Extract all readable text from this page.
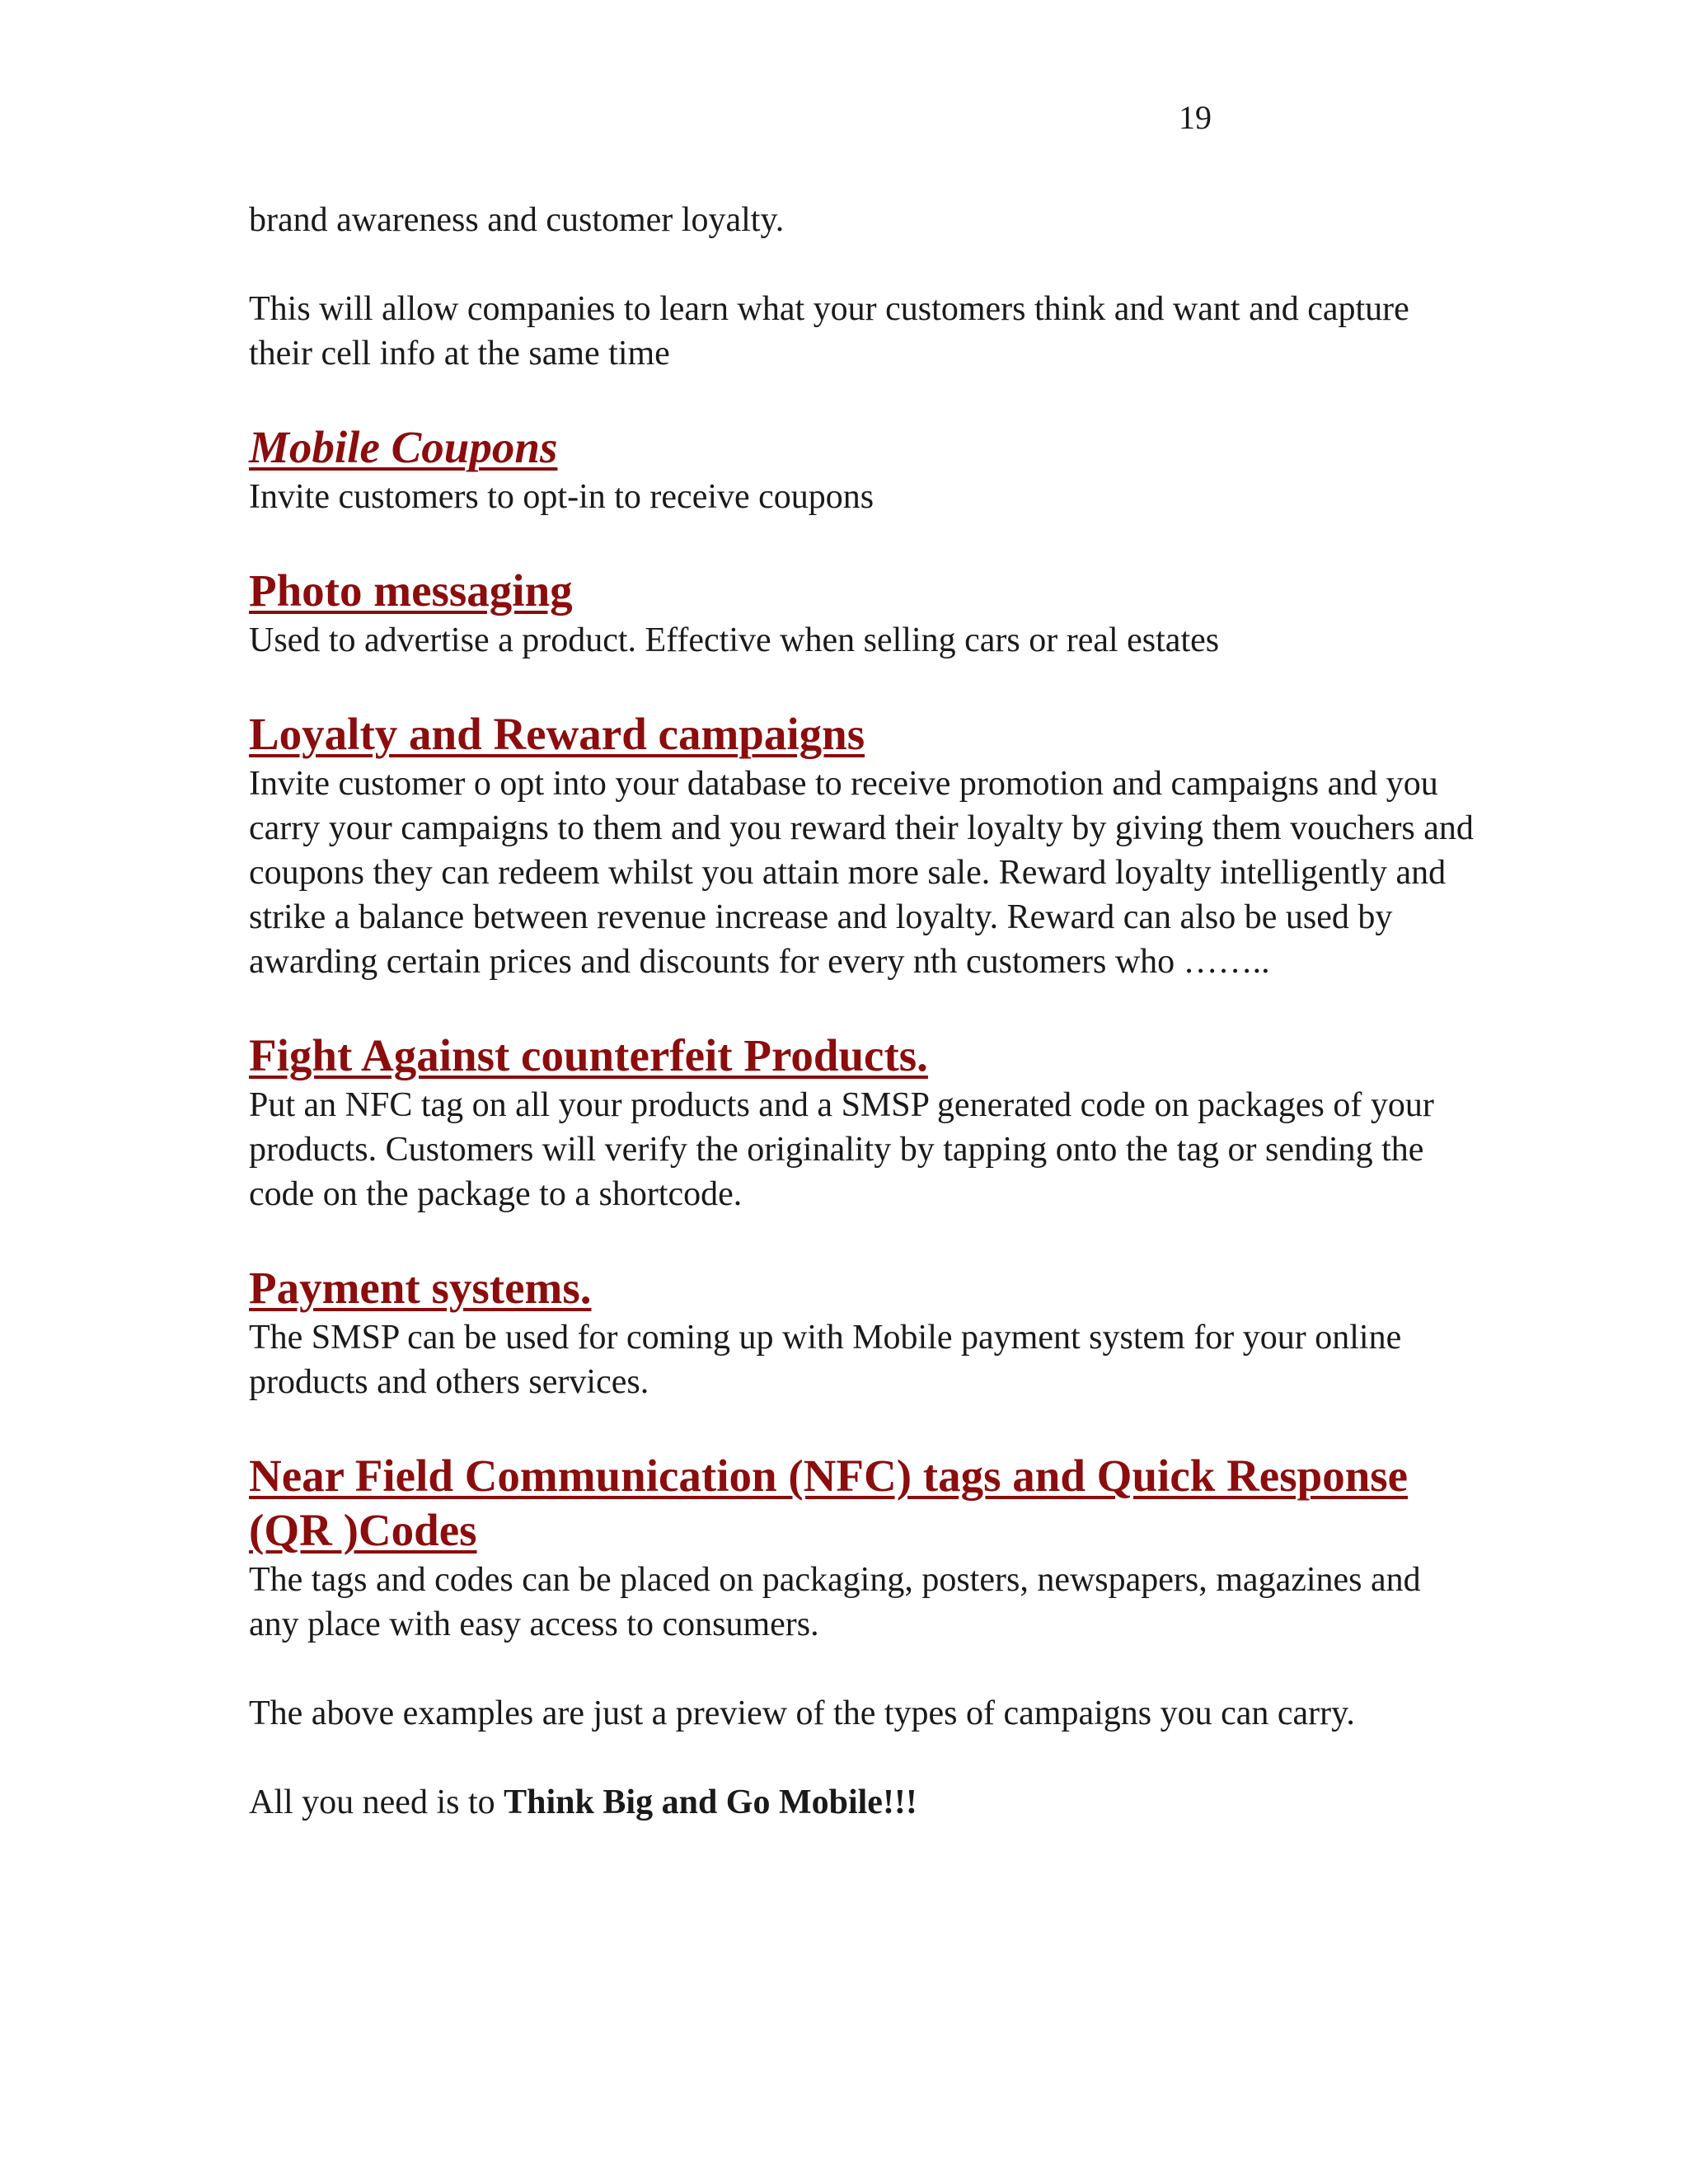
19

brand awareness and customer loyalty.

This will allow companies to learn what your customers think and want and capture their cell info at the same time

Mobile Coupons

Invite customers to opt-in to receive coupons

Photo messaging

Used to advertise a product. Effective when selling cars or real estates

Loyalty and Reward campaigns

Invite customer o opt into your database to receive promotion and campaigns and you carry your campaigns to them and you reward their loyalty by giving them vouchers and coupons they can redeem whilst you attain more sale. Reward loyalty intelligently and strike a balance between revenue increase and loyalty. Reward can also be used by awarding certain prices and discounts for every nth customers who ……..

Fight Against counterfeit Products.

Put an NFC tag on all your products and a SMSP generated code on packages of your products. Customers will verify the originality by tapping onto the tag or sending the code on the package to a shortcode.

Payment systems.

The SMSP can be used for coming up with Mobile payment system for your online products and others services.

Near Field Communication (NFC) tags and Quick Response (QR )Codes

The tags and codes can be placed on packaging, posters, newspapers, magazines and any place with easy access to consumers.

The above examples are just a preview of the types of campaigns you can carry.

All you need is to Think Big and Go Mobile!!!
